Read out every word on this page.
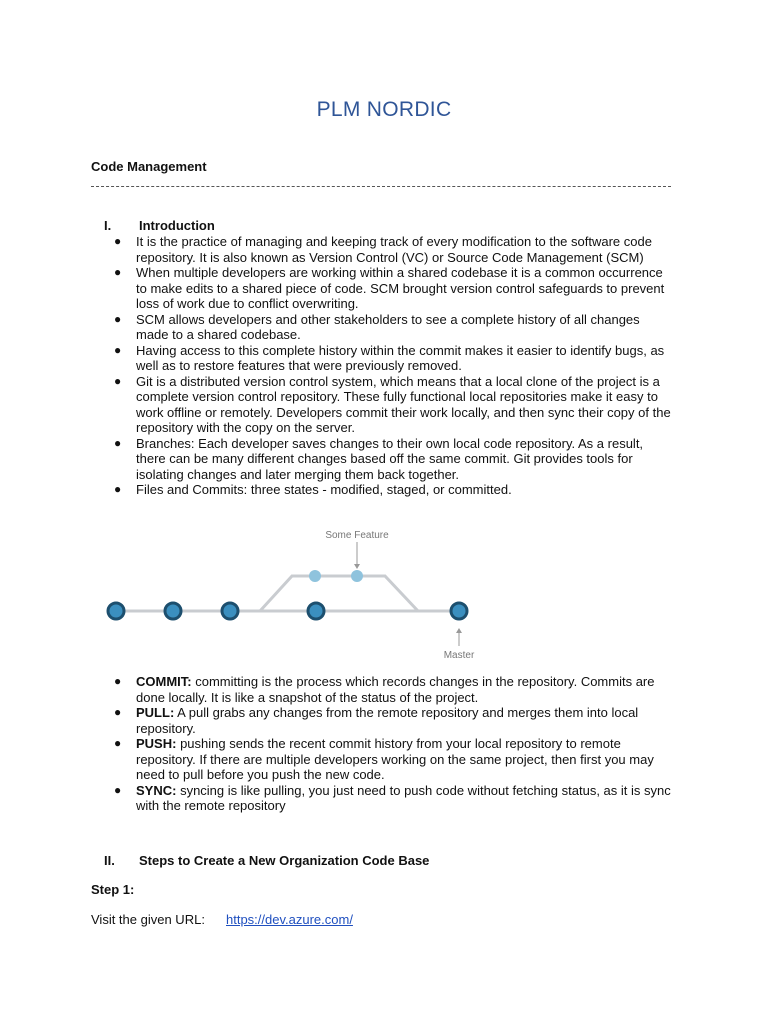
PLM NORDIC
Code Management
I. Introduction
● It is the practice of managing and keeping track of every modification to the software code repository. It is also known as Version Control (VC) or Source Code Management (SCM)
● When multiple developers are working within a shared codebase it is a common occurrence to make edits to a shared piece of code. SCM brought version control safeguards to prevent loss of work due to conflict overwriting.
● SCM allows developers and other stakeholders to see a complete history of all changes made to a shared codebase.
● Having access to this complete history within the commit makes it easier to identify bugs, as well as to restore features that were previously removed.
● Git is a distributed version control system, which means that a local clone of the project is a complete version control repository. These fully functional local repositories make it easy to work offline or remotely. Developers commit their work locally, and then sync their copy of the repository with the copy on the server.
● Branches: Each developer saves changes to their own local code repository. As a result, there can be many different changes based off the same commit. Git provides tools for isolating changes and later merging them back together.
● Files and Commits: three states - modified, staged, or committed.
Some Feature
Master
● COMMIT: committing is the process which records changes in the repository. Commits are done locally. It is like a snapshot of the status of the project.
● PULL: A pull grabs any changes from the remote repository and merges them into local repository.
● PUSH: pushing sends the recent commit history from your local repository to remote repository. If there are multiple developers working on the same project, then first you may need to pull before you push the new code.
● SYNC: syncing is like pulling, you just need to push code without fetching status, as it is sync with the remote repository
II. Steps to Create a New Organization Code Base
Step 1:
Visit the given URL: https://dev.azure.com/
